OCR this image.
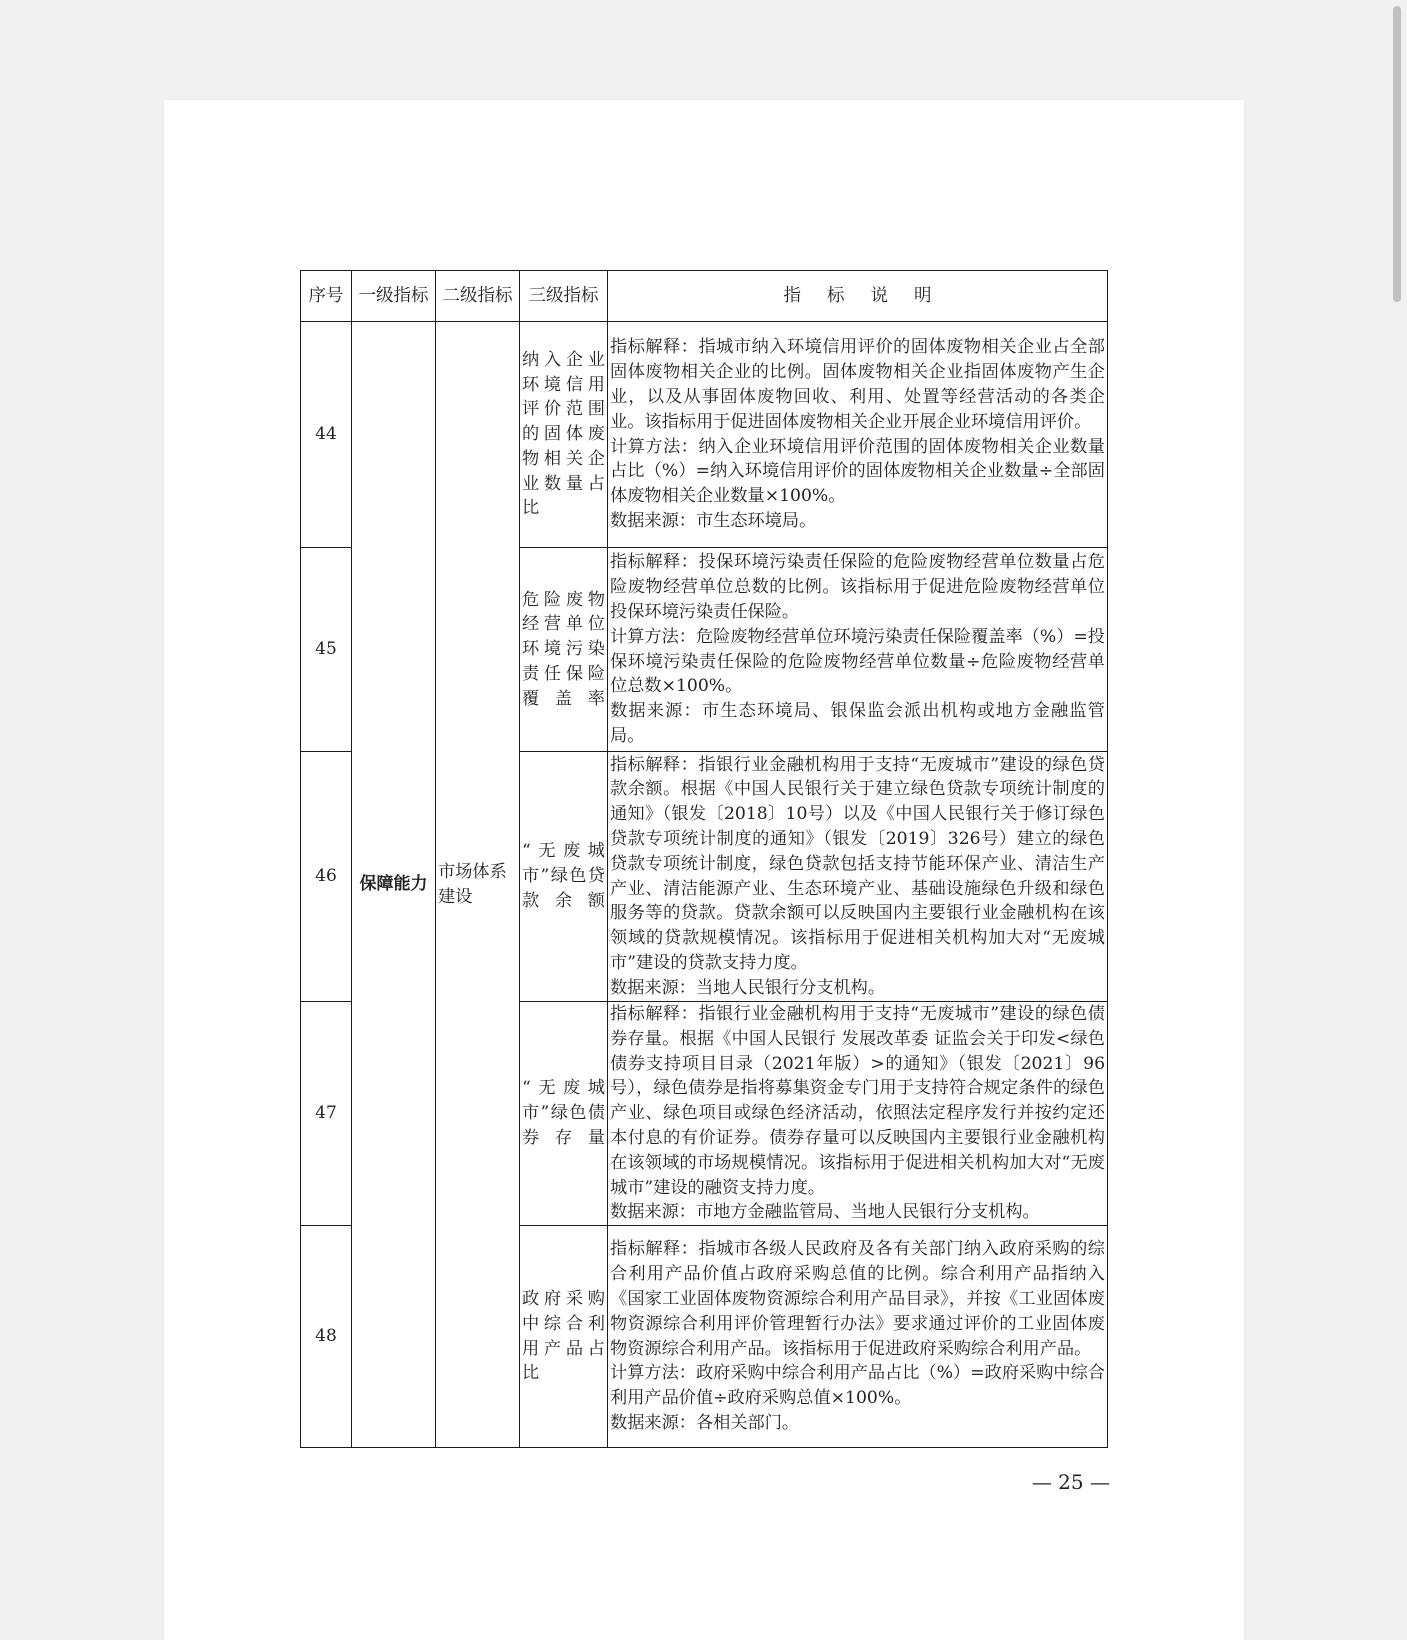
序号	一级指标	二级指标	三级指标	指标说明
44	保障能力	市场体系建设	纳入企业环境信用评价范围的固体废物相关企业数量占比	指标解释：指城市纳入环境信用评价的固体废物相关企业占全部固体废物相关企业的比例。固体废物相关企业指固体废物产生企业，以及从事固体废物回收、利用、处置等经营活动的各类企业。该指标用于促进固体废物相关企业开展企业环境信用评价。

计算方法：纳入企业环境信用评价范围的固体废物相关企业数量占比（%）=纳入环境信用评价的固体废物相关企业数量÷全部固体废物相关企业数量×100%。

数据来源：市生态环境局。

45			危险废物经营单位环境污染责任保险覆盖率	指标解释：投保环境污染责任保险的危险废物经营单位数量占危险废物经营单位总数的比例。该指标用于促进危险废物经营单位投保环境污染责任保险。

计算方法：危险废物经营单位环境污染责任保险覆盖率（%）=投保环境污染责任保险的危险废物经营单位数量÷危险废物经营单位总数×100%。

数据来源：市生态环境局、银保监会派出机构或地方金融监管局。

46			“无废城市”绿色贷款余额	指标解释：指银行业金融机构用于支持“无废城市”建设的绿色贷款余额。根据《中国人民银行关于建立绿色贷款专项统计制度的通知》（银发〔2018〕10号）以及《中国人民银行关于修订绿色贷款专项统计制度的通知》（银发〔2019〕326号）建立的绿色贷款专项统计制度，绿色贷款包括支持节能环保产业、清洁生产产业、清洁能源产业、生态环境产业、基础设施绿色升级和绿色服务等的贷款。贷款余额可以反映国内主要银行业金融机构在该领域的贷款规模情况。该指标用于促进相关机构加大对“无废城市”建设的贷款支持力度。

数据来源：当地人民银行分支机构。

47			“无废城市”绿色债券存量	指标解释：指银行业金融机构用于支持“无废城市”建设的绿色债券存量。根据《中国人民银行 发展改革委 证监会关于印发<绿色债券支持项目目录（2021年版）>的通知》（银发〔2021〕96号），绿色债券是指将募集资金专门用于支持符合规定条件的绿色产业、绿色项目或绿色经济活动，依照法定程序发行并按约定还本付息的有价证券。债券存量可以反映国内主要银行业金融机构在该领域的市场规模情况。该指标用于促进相关机构加大对“无废城市”建设的融资支持力度。

数据来源：市地方金融监管局、当地人民银行分支机构。

48			政府采购中综合利用产品占比	指标解释：指城市各级人民政府及各有关部门纳入政府采购的综合利用产品价值占政府采购总值的比例。综合利用产品指纳入《国家工业固体废物资源综合利用产品目录》，并按《工业固体废物资源综合利用评价管理暂行办法》要求通过评价的工业固体废物资源综合利用产品。该指标用于促进政府采购综合利用产品。

计算方法：政府采购中综合利用产品占比（%）=政府采购中综合利用产品价值÷政府采购总值×100%。

数据来源：各相关部门。

— 25 —
